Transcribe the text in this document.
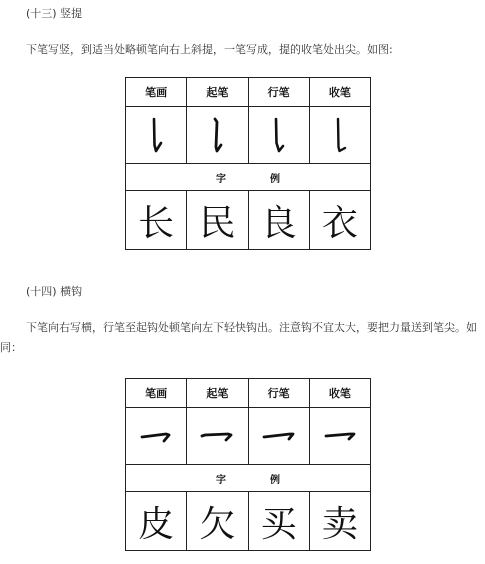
(十三) 竖提
下笔写竖，到适当处略顿笔向右上斜提，一笔写成，提的收笔处出尖。如图:
笔画	起笔	行笔	收笔

字 例			
长	民	良	衣
(十四) 横钩
下笔向右写横，行笔至起钩处顿笔向左下轻快钩出。注意钩不宜太大，要把力量送到笔尖。如同：
笔画	起笔	行笔	收笔

字 例			
皮	欠	买	卖
